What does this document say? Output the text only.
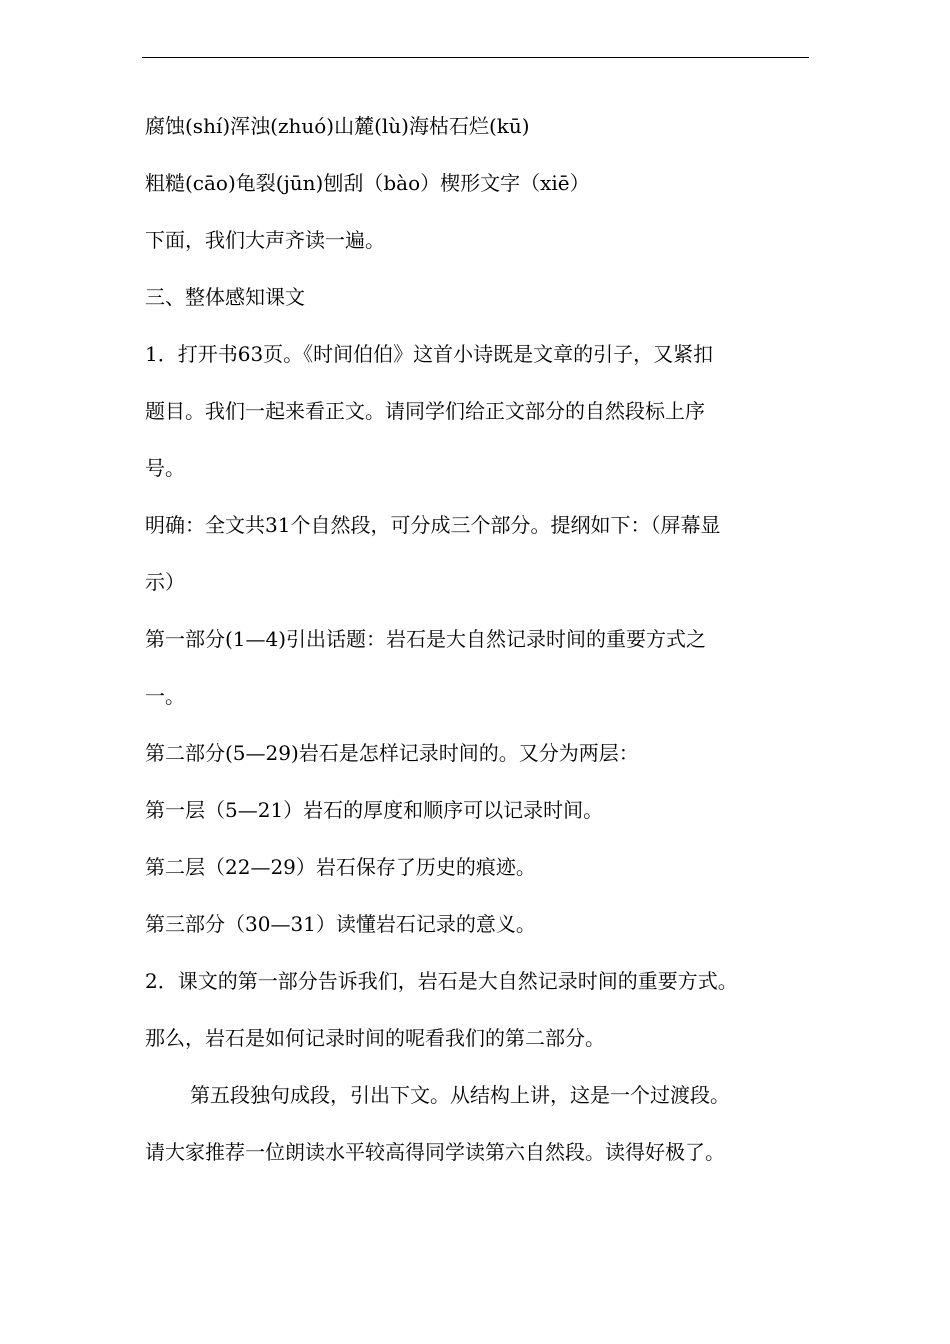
腐蚀(shí)浑浊(zhuó)山麓(lù)海枯石烂(kū)

粗糙(cāo)龟裂(jūn)刨刮（bào）楔形文字（xiē）

下面，我们大声齐读一遍。

三、整体感知课文

1．打开书63页。《时间伯伯》这首小诗既是文章的引子，又紧扣

题目。我们一起来看正文。请同学们给正文部分的自然段标上序

号。

明确：全文共31个自然段，可分成三个部分。提纲如下：（屏幕显

示）

第一部分(1—4)引出话题：岩石是大自然记录时间的重要方式之

一。

第二部分(5—29)岩石是怎样记录时间的。又分为两层：

第一层（5—21）岩石的厚度和顺序可以记录时间。

第二层（22—29）岩石保存了历史的痕迹。

第三部分（30—31）读懂岩石记录的意义。

2．课文的第一部分告诉我们，岩石是大自然记录时间的重要方式。

那么，岩石是如何记录时间的呢看我们的第二部分。

第五段独句成段，引出下文。从结构上讲，这是一个过渡段。

请大家推荐一位朗读水平较高得同学读第六自然段。读得好极了。
